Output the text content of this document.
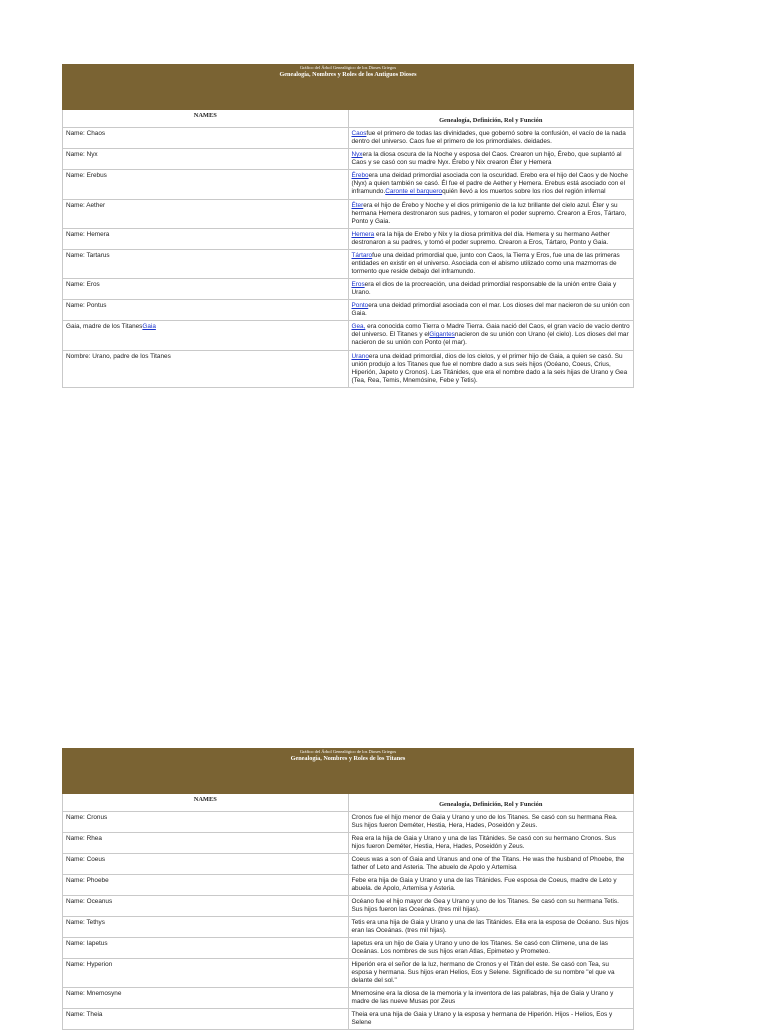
Gráfico del Árbol Genealógico de los Dioses Griegos
Genealogía, Nombres y Roles de los Antiguos Dioses	

NAMES	Genealogía, Definición, Rol y Función
Name: Chaos	Caosfue el primero de todas las divinidades, que gobernó sobre la confusión, el vacío de la nada dentro del universo. Caos fue el primero de los primordiales. deidades.
Name: Nyx	Nyxera la diosa oscura de la Noche y esposa del Caos. Crearon un hijo, Érebo, que suplantó al Caos y se casó con su madre Nyx. Érebo y Nix crearon Éter y Hemera
Name: Erebus	Éreboera una deidad primordial asociada con la oscuridad. Erebo era el hijo del Caos y de Noche (Nyx) a quien también se casó. Él fue el padre de Aether y Hemera. Erebus está asociado con el inframundo.Caronte el barqueroquién llevó a los muertos sobre los ríos del región infernal
Name: Aether	Éterera el hijo de Érebo y Noche y el dios primigenio de la luz brillante del cielo azul. Éter y su hermana Hemera destronaron sus padres, y tomaron el poder supremo. Crearon a Eros, Tártaro, Ponto y Gaia.
Name: Hemera	Hemera era la hija de Erebo y Nix y la diosa primitiva del día. Hemera y su hermano Aether destronaron a su padres, y tomó el poder supremo. Crearon a Eros, Tártaro, Ponto y Gaia.
Name: Tartarus	Tártarofue una deidad primordial que, junto con Caos, la Tierra y Eros, fue una de las primeras entidades en existir en el universo. Asociada con el abismo utilizado como una mazmorras de tormento que reside debajo del inframundo.
Name: Eros	Erosera el dios de la procreación, una deidad primordial responsable de la unión entre Gaia y Urano.
Name: Pontus	Pontoera una deidad primordial asociada con el mar. Los dioses del mar nacieron de su unión con Gaia.
Gaia, madre de los TitanesGaia	Gea, era conocida como Tierra o Madre Tierra. Gaia nació del Caos, el gran vacío de vacío dentro del universo. El Titanes y elGigantesnacieron de su unión con Urano (el cielo). Los dioses del mar nacieron de su unión con Ponto (el mar).
Nombre: Urano, padre de los Titanes	Uranoera una deidad primordial, dios de los cielos, y el primer hijo de Gaia, a quien se casó. Su unión produjo a los Titanes que fue el nombre dado a sus seis hijos (Océano, Coeus, Crius, Hiperión, Japeto y Cronos). Las Titánides, que era el nombre dado a la seis hijas de Urano y Gea (Tea, Rea, Temis, Mnemósine, Febe y Tetis).
Gráfico del Árbol Genealógico de los Dioses Griegos
Genealogía, Nombres y Roles de los Titanes	

NAMES	Genealogía, Definición, Rol y Función
Name: Cronus	Cronos fue el hijo menor de Gaia y Urano y uno de los Titanes. Se casó con su hermana Rea. Sus hijos fueron Deméter, Hestia, Hera, Hades, Poseidón y Zeus.
Name: Rhea	Rea era la hija de Gaia y Urano y una de las Titánides. Se casó con su hermano Cronos. Sus hijos fueron Deméter, Hestia, Hera, Hades, Poseidón y Zeus.
Name: Coeus	Coeus was a son of Gaia and Uranus and one of the Titans. He was the husband of Phoebe, the father of Leto and Asteria. The abuelo de Apolo y Artemisa
Name: Phoebe	Febe era hija de Gaia y Urano y una de las Titánides. Fue esposa de Coeus, madre de Leto y abuela. de Apolo, Artemisa y Asteria.
Name: Oceanus	Océano fue el hijo mayor de Gea y Urano y uno de los Titanes. Se casó con su hermana Tetis. Sus hijos fueron las Oceánas. (tres mil hijas).
Name: Tethys	Tetis era una hija de Gaia y Urano y una de las Titánides. Ella era la esposa de Océano. Sus hijos eran las Oceánas. (tres mil hijas).
Name: Iapetus	Iapetus era un hijo de Gaia y Urano y uno de los Titanes. Se casó con Climene, una de las Oceánas. Los nombres de sus hijos eran Atlas, Epimeteo y Prometeo.
Name: Hyperion	Hiperión era el señor de la luz, hermano de Cronos y el Titán del este. Se casó con Tea, su esposa y hermana. Sus hijos eran Helios, Eos y Selene. Significado de su nombre "el que va delante del sol."
Name: Mnemosyne	Mnemosine era la diosa de la memoria y la inventora de las palabras, hija de Gaia y Urano y madre de las nueve Musas por Zeus
Name: Theia	Theia era una hija de Gaia y Urano y la esposa y hermana de Hiperión. Hijos - Helios, Eos y Selene
